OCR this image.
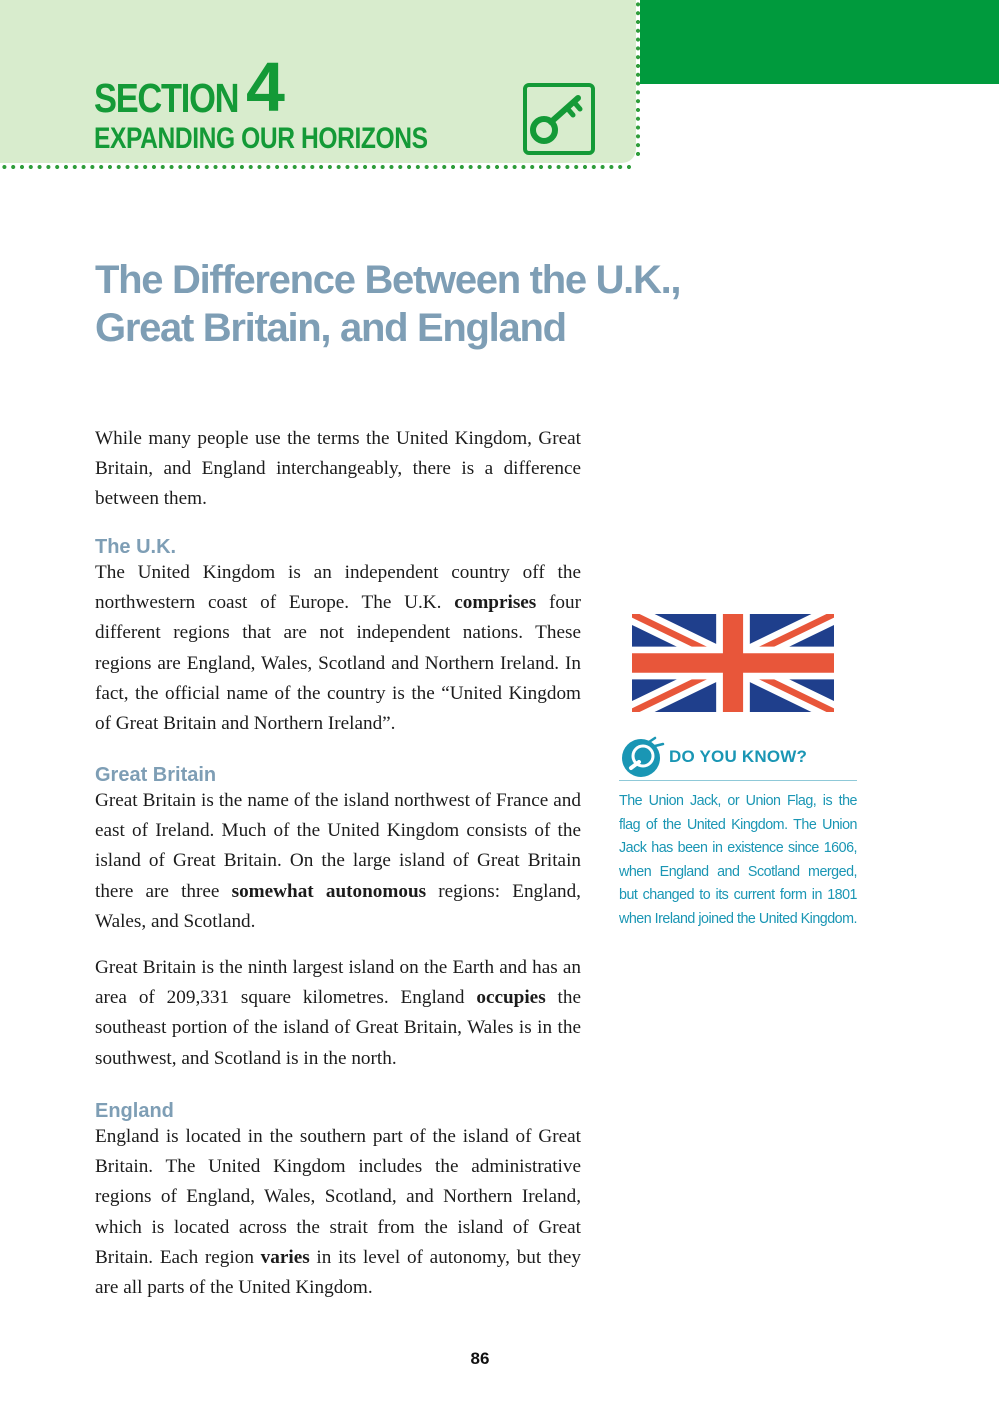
SECTION 4
EXPANDING OUR HORIZONS
The Difference Between the U.K.,
Great Britain, and England

While many people use the terms the United Kingdom, Great Britain, and England interchangeably, there is a difference between them.

The U.K.

The United Kingdom is an independent country off the northwestern coast of Europe. The U.K. comprises four different regions that are not independent nations. These regions are England, Wales, Scotland and Northern Ireland. In fact, the official name of the country is the “United Kingdom of Great Britain and Northern Ireland”.

Great Britain

Great Britain is the name of the island northwest of France and east of Ireland. Much of the United Kingdom consists of the island of Great Britain. On the large island of Great Britain there are three somewhat autonomous regions: England, Wales, and Scotland.

Great Britain is the ninth largest island on the Earth and has an area of 209,331 square kilometres. England occupies the southeast portion of the island of Great Britain, Wales is in the southwest, and Scotland is in the north.

England

England is located in the southern part of the island of Great Britain. The United Kingdom includes the administrative regions of England, Wales, Scotland, and Northern Ireland, which is located across the strait from the island of Great Britain. Each region varies in its level of autonomy, but they are all parts of the United Kingdom.

DO YOU KNOW?

The Union Jack, or Union Flag, is the flag of the United Kingdom. The Union Jack has been in existence since 1606, when England and Scotland merged, but changed to its current form in 1801 when Ireland joined the United Kingdom.

86
